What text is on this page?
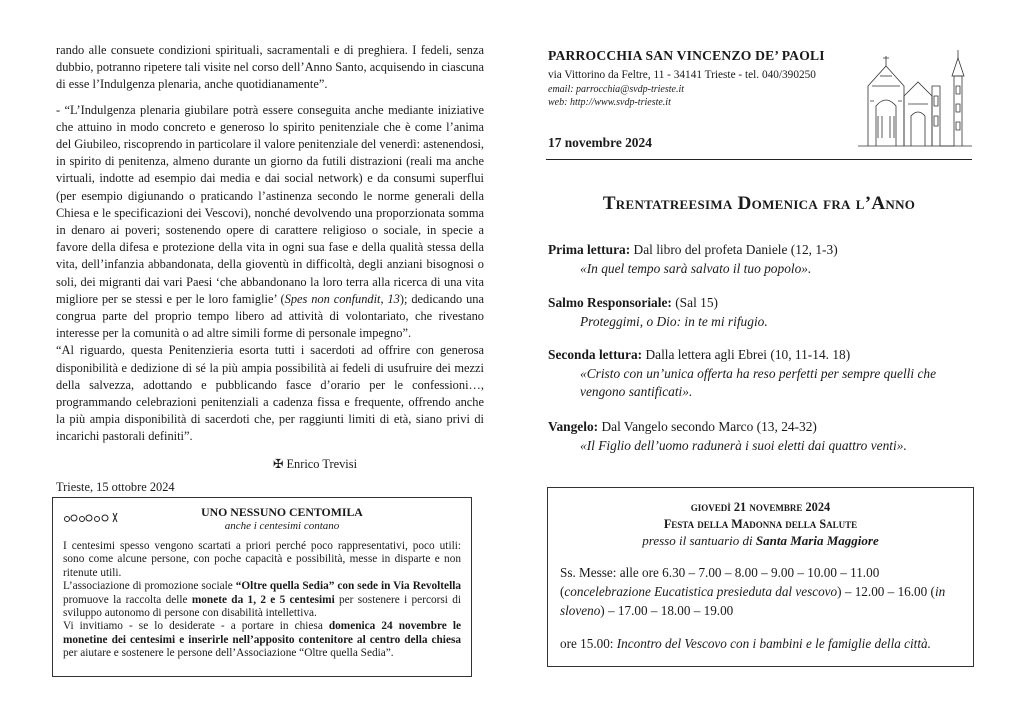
rando alle consuete condizioni spirituali, sacramentali e di preghiera. I fedeli, senza dubbio, potranno ripetere tali visite nel corso dell’Anno Santo, acquisendo in ciascuna di esse l’Indulgenza plenaria, anche quotidianamente”.

- “L’Indulgenza plenaria giubilare potrà essere conseguita anche mediante iniziative che attuino in modo concreto e generoso lo spirito penitenziale che è come l’anima del Giubileo, riscoprendo in particolare il valore penitenziale del venerdì: astenendosi, in spirito di penitenza, almeno durante un giorno da futili distrazioni (reali ma anche virtuali, indotte ad esempio dai media e dai social network) e da consumi superflui (per esempio digiunando o praticando l’astinenza secondo le norme generali della Chiesa e le specificazioni dei Vescovi), nonché devolvendo una proporzionata somma in denaro ai poveri; sostenendo opere di carattere religioso o sociale, in specie a favore della difesa e protezione della vita in ogni sua fase e della qualità stessa della vita, dell’infanzia abbandonata, della gioventù in difficoltà, degli anziani bisognosi o soli, dei migranti dai vari Paesi ‘che abbandonano la loro terra alla ricerca di una vita migliore per se stessi e per le loro famiglie’ (Spes non confundit, 13); dedicando una congrua parte del proprio tempo libero ad attività di volontariato, che rivestano interesse per la comunità o ad altre simili forme di personale impegno”.

“Al riguardo, questa Penitenzieria esorta tutti i sacerdoti ad offrire con generosa disponibilità e dedizione di sé la più ampia possibilità ai fedeli di usufruire dei mezzi della salvezza, adottando e pubblicando fasce d’orario per le confessioni…, programmando celebrazioni penitenziali a cadenza fissa e frequente, offrendo anche la più ampia disponibilità di sacerdoti che, per raggiunti limiti di età, siano privi di incarichi pastorali definiti”.

✠ Enrico Trevisi
Trieste, 15 ottobre 2024
UNO NESSUNO CENTOMILA
anche i centesimi contano

I centesimi spesso vengono scartati a priori perché poco rappresentativi, poco utili: sono come alcune persone, con poche capacità e possibilità, messe in disparte e non ritenute utili.

L’associazione di promozione sociale “Oltre quella Sedia” con sede in Via Revoltella promuove la raccolta delle monete da 1, 2 e 5 centesimi per sostenere i percorsi di sviluppo autonomo di persone con disabilità intellettiva.

Vi invitiamo - se lo desiderate - a portare in chiesa domenica 24 novembre le monetine dei centesimi e inserirle nell’apposito contenitore al centro della chiesa per aiutare e sostenere le persone dell’Associazione “Oltre quella Sedia”.

PARROCCHIA SAN VINCENZO DE’ PAOLI
via Vittorino da Feltre, 11 - 34141 Trieste - tel. 040/390250
email: parrocchia@svdp-trieste.it
web: http://www.svdp-trieste.it
17 novembre 2024
Trentatreesima Domenica fra l’Anno
Prima lettura: Dal libro del profeta Daniele (12, 1-3)
«In quel tempo sarà salvato il tuo popolo».
Salmo Responsoriale: (Sal 15)
Proteggimi, o Dio: in te mi rifugio.
Seconda lettura: Dalla lettera agli Ebrei (10, 11-14. 18)
«Cristo con un’unica offerta ha reso perfetti per sempre quelli che vengono santificati».
Vangelo: Dal Vangelo secondo Marco (13, 24-32)
«Il Figlio dell’uomo radunerà i suoi eletti dai quattro venti».
giovedì 21 novembre 2024
Festa della Madonna della Salute
presso il santuario di Santa Maria Maggiore
Ss. Messe: alle ore 6.30 – 7.00 – 8.00 – 9.00 – 10.00 – 11.00 (concelebrazione Eucatistica presieduta dal vescovo) – 12.00 – 16.00 (in sloveno) – 17.00 – 18.00 – 19.00
ore 15.00: Incontro del Vescovo con i bambini e le famiglie della città.
